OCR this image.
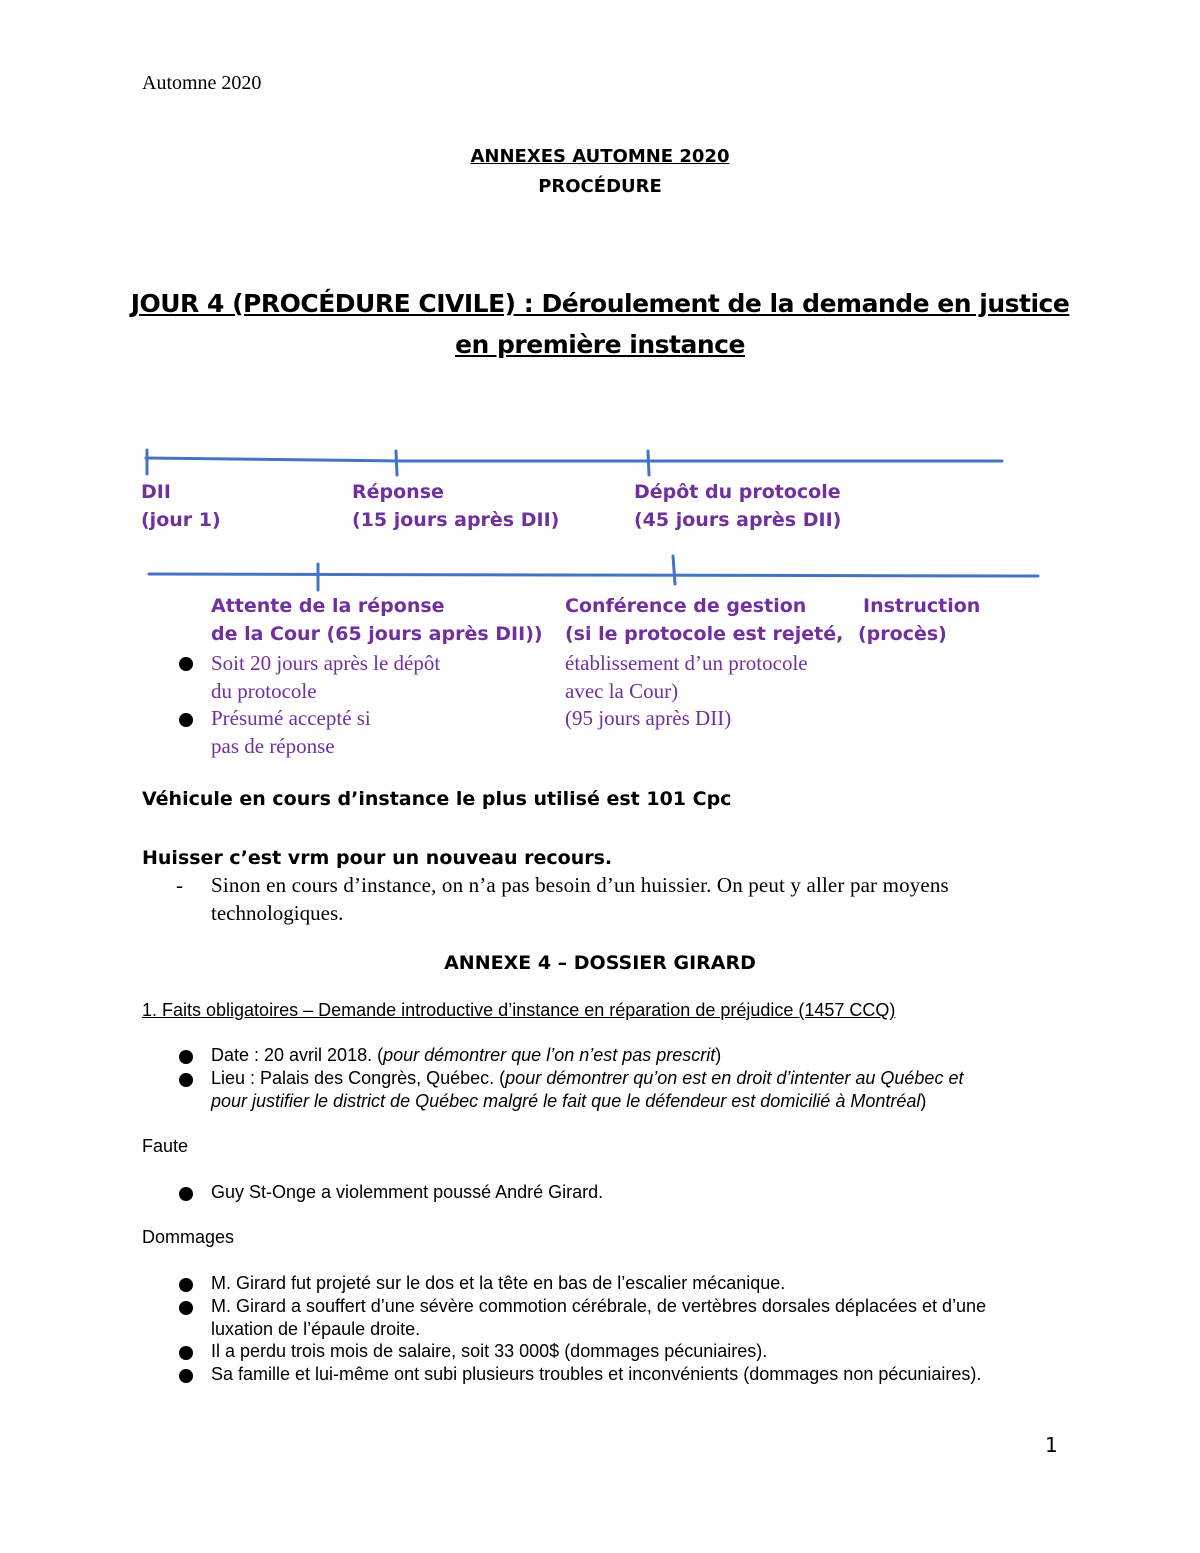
Automne 2020
ANNEXES AUTOMNE 2020
PROCÉDURE
JOUR 4 (PROCÉDURE CIVILE) : Déroulement de la demande en justice
en première instance
DII
(jour 1)
Réponse
(15 jours après DII)
Dépôt du protocole
(45 jours après DII)
Attente de la réponse
de la Cour (65 jours après DII))
Soit 20 jours après le dépôt
du protocole
Présumé accepté si
pas de réponse
Conférence de gestion
(si le protocole est rejeté,
établissement d’un protocole
avec la Cour)
(95 jours après DII)
Instruction
(procès)
Véhicule en cours d’instance le plus utilisé est 101 Cpc
Huisser c’est vrm pour un nouveau recours.
- Sinon en cours d’instance, on n’a pas besoin d’un huissier. On peut y aller par moyens
technologiques.
ANNEXE 4 – DOSSIER GIRARD
1. Faits obligatoires – Demande introductive d’instance en réparation de préjudice (1457 CCQ)
Date : 20 avril 2018. (pour démontrer que l’on n’est pas prescrit)
Lieu : Palais des Congrès, Québec. (pour démontrer qu’on est en droit d’intenter au Québec et
pour justifier le district de Québec malgré le fait que le défendeur est domicilié à Montréal)
Faute
Guy St-Onge a violemment poussé André Girard.
Dommages
M. Girard fut projeté sur le dos et la tête en bas de l’escalier mécanique.
M. Girard a souffert d’une sévère commotion cérébrale, de vertèbres dorsales déplacées et d’une
luxation de l’épaule droite.
Il a perdu trois mois de salaire, soit 33 000$ (dommages pécuniaires).
Sa famille et lui-même ont subi plusieurs troubles et inconvénients (dommages non pécuniaires).
1
